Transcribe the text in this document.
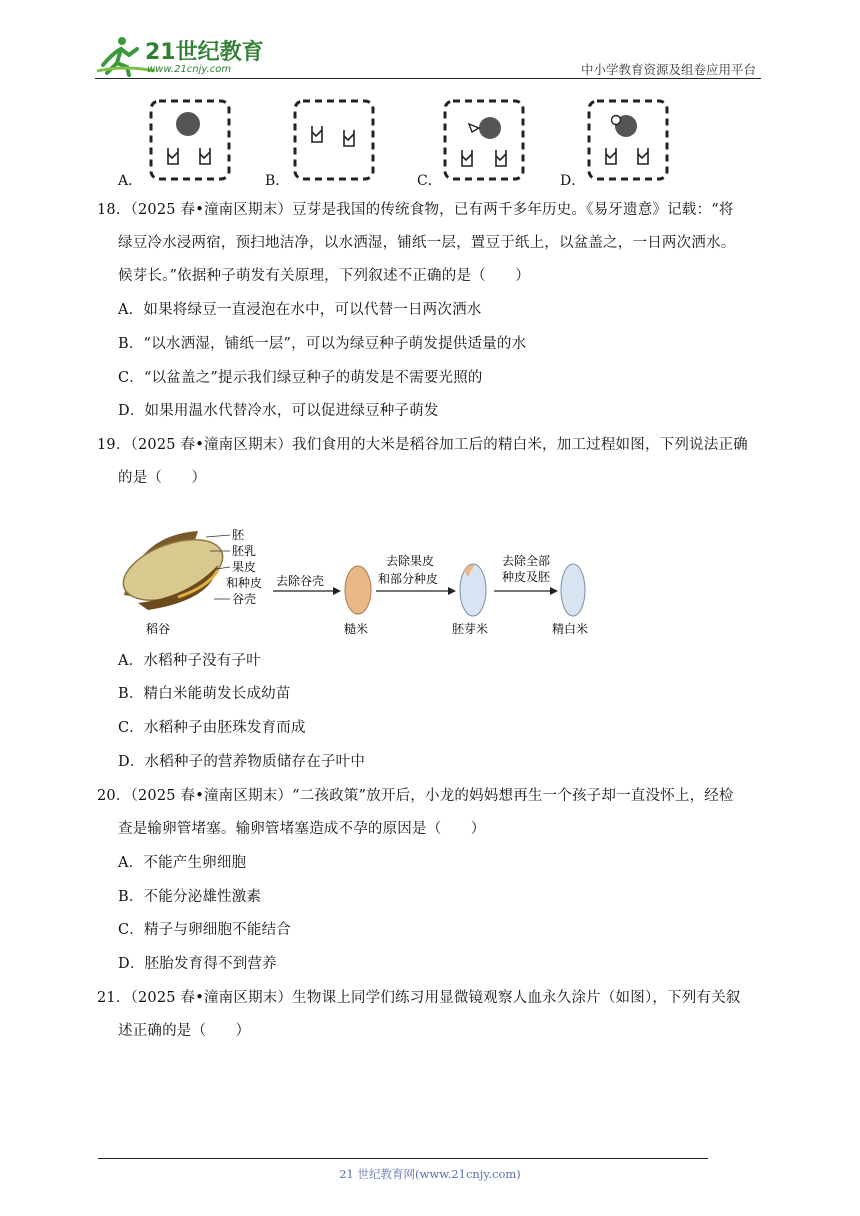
21世纪教育
www.21cnjy.com	中小学教育资源及组卷应用平台
A．	B．	C．	D．
18．（2025 春•潼南区期末）豆芽是我国的传统食物，已有两千多年历史。《易牙遗意》记载：“将
绿豆冷水浸两宿，预扫地洁净，以水洒湿，铺纸一层，置豆于纸上，以盆盖之，一日两次洒水。
候芽长。”依据种子萌发有关原理，下列叙述不正确的是（　　）
A．如果将绿豆一直浸泡在水中，可以代替一日两次洒水
B．“以水洒湿，铺纸一层”，可以为绿豆种子萌发提供适量的水
C．“以盆盖之”提示我们绿豆种子的萌发是不需要光照的
D．如果用温水代替冷水，可以促进绿豆种子萌发
19．（2025 春•潼南区期末）我们食用的大米是稻谷加工后的精白米，加工过程如图，下列说法正确
的是（　　）
胚
胚乳
果皮
和种皮
谷壳
去除谷壳
去除果皮
和部分种皮
去除全部
种皮及胚
稻谷	糙米	胚芽米	精白米
A．水稻种子没有子叶
B．精白米能萌发长成幼苗
C．水稻种子由胚珠发育而成
D．水稻种子的营养物质储存在子叶中
20．（2025 春•潼南区期末）“二孩政策”放开后，小龙的妈妈想再生一个孩子却一直没怀上，经检
查是输卵管堵塞。输卵管堵塞造成不孕的原因是（　　）
A．不能产生卵细胞
B．不能分泌雄性激素
C．精子与卵细胞不能结合
D．胚胎发育得不到营养
21．（2025 春•潼南区期末）生物课上同学们练习用显微镜观察人血永久涂片（如图），下列有关叙
述正确的是（　　）
21 世纪教育网(www.21cnjy.com)
